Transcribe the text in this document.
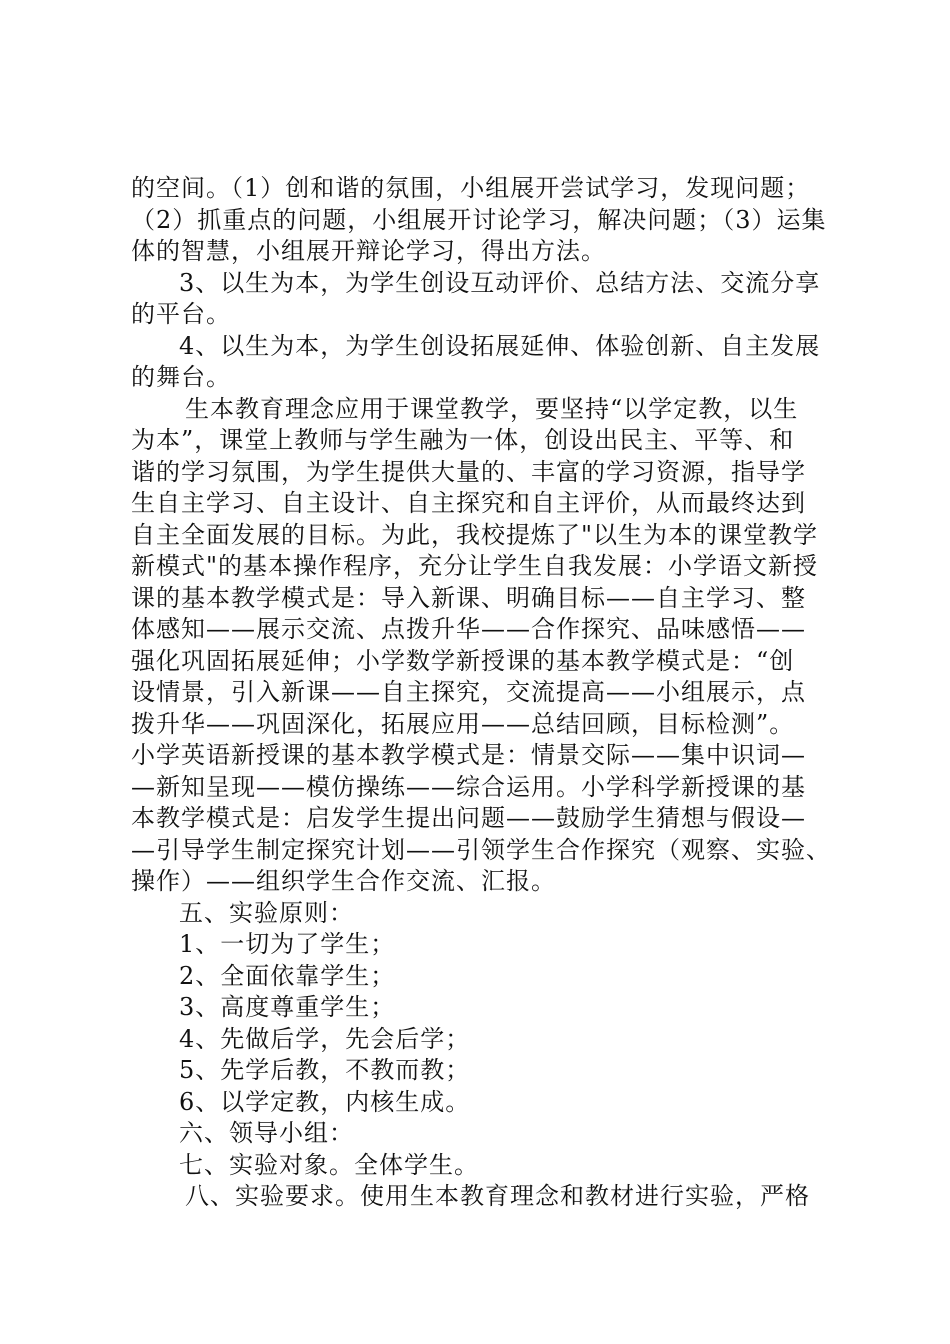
的空间。（1）创和谐的氛围，小组展开尝试学习，发现问题；
（2）抓重点的问题，小组展开讨论学习，解决问题；（3）运集
体的智慧，小组展开辩论学习，得出方法。
3、以生为本，为学生创设互动评价、总结方法、交流分享
的平台。
4、以生为本，为学生创设拓展延伸、体验创新、自主发展
的舞台。
生本教育理念应用于课堂教学，要坚持“以学定教，以生
为本”，课堂上教师与学生融为一体，创设出民主、平等、和
谐的学习氛围，为学生提供大量的、丰富的学习资源，指导学
生自主学习、自主设计、自主探究和自主评价，从而最终达到
自主全面发展的目标。为此，我校提炼了"以生为本的课堂教学
新模式"的基本操作程序，充分让学生自我发展：小学语文新授
课的基本教学模式是：导入新课、明确目标——自主学习、整
体感知——展示交流、点拨升华——合作探究、品味感悟——
强化巩固拓展延伸；小学数学新授课的基本教学模式是：“创
设情景，引入新课——自主探究，交流提高——小组展示，点
拨升华——巩固深化，拓展应用——总结回顾，目标检测”。
小学英语新授课的基本教学模式是：情景交际——集中识词—
—新知呈现——模仿操练——综合运用。小学科学新授课的基
本教学模式是：启发学生提出问题——鼓励学生猜想与假设—
—引导学生制定探究计划——引领学生合作探究（观察、实验、
操作）——组织学生合作交流、汇报。
五、实验原则：
1、一切为了学生；
2、全面依靠学生；
3、高度尊重学生；
4、先做后学，先会后学；
5、先学后教，不教而教；
6、以学定教，内核生成。
六、领导小组：
七、实验对象。全体学生。
八、实验要求。使用生本教育理念和教材进行实验，严格
